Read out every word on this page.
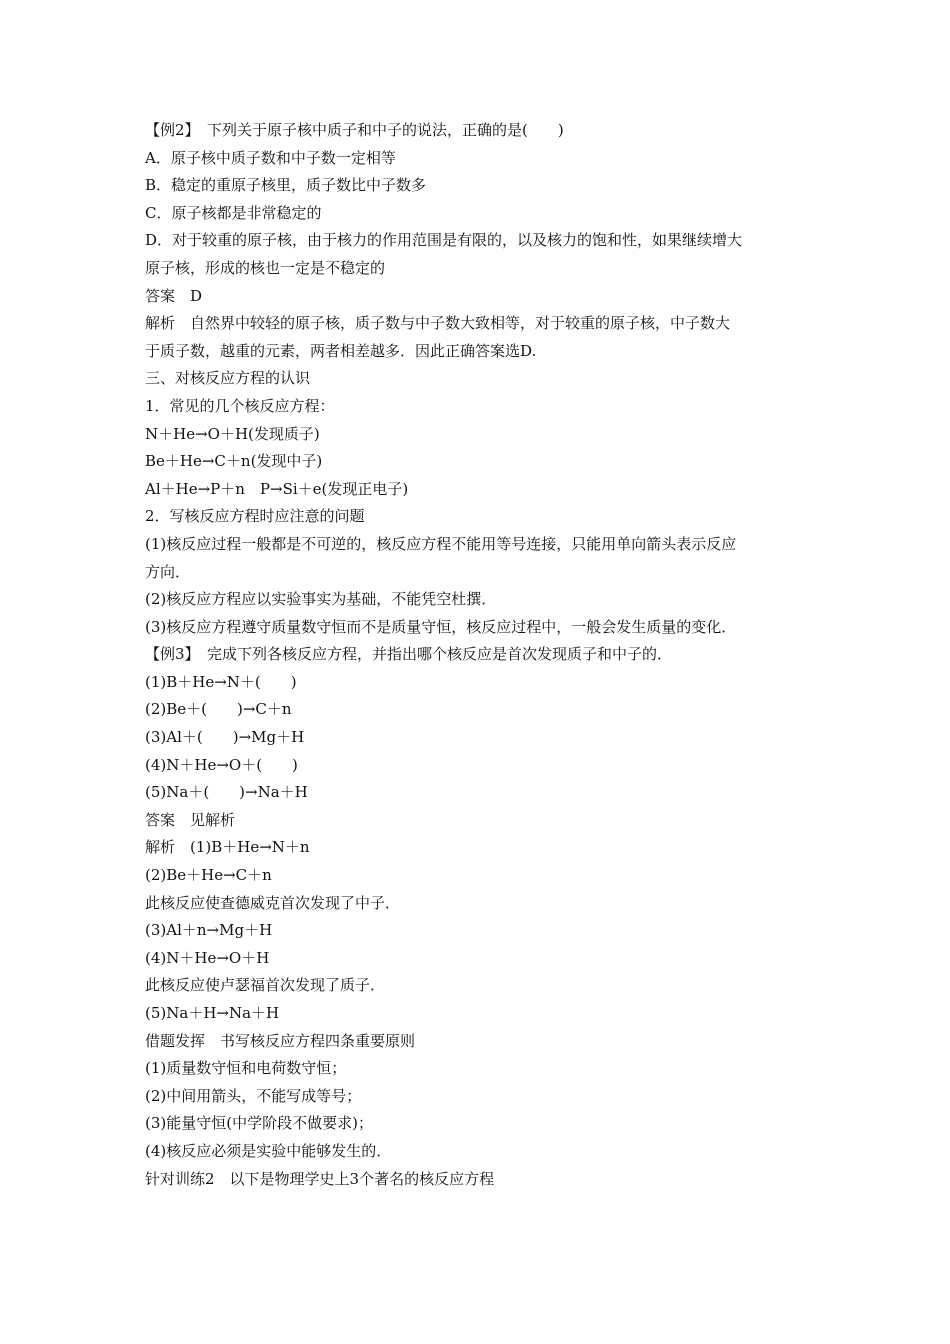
【例2】　下列关于原子核中质子和中子的说法，正确的是(　　)
A．原子核中质子数和中子数一定相等
B．稳定的重原子核里，质子数比中子数多
C．原子核都是非常稳定的
D．对于较重的原子核，由于核力的作用范围是有限的，以及核力的饱和性，如果继续增大
原子核，形成的核也一定是不稳定的
答案　D
解析　自然界中较轻的原子核，质子数与中子数大致相等，对于较重的原子核，中子数大
于质子数，越重的元素，两者相差越多．因此正确答案选D.
三、对核反应方程的认识
1．常见的几个核反应方程：
N＋He→O＋H(发现质子)
Be＋He→C＋n(发现中子)
Al＋He→P＋n　P→Si＋e(发现正电子)
2．写核反应方程时应注意的问题
(1)核反应过程一般都是不可逆的，核反应方程不能用等号连接，只能用单向箭头表示反应
方向．
(2)核反应方程应以实验事实为基础，不能凭空杜撰．
(3)核反应方程遵守质量数守恒而不是质量守恒，核反应过程中，一般会发生质量的变化．
【例3】　完成下列各核反应方程，并指出哪个核反应是首次发现质子和中子的．
(1)B＋He→N＋(　　)
(2)Be＋(　　)→C＋n
(3)Al＋(　　)→Mg＋H
(4)N＋He→O＋(　　)
(5)Na＋(　　)→Na＋H
答案　见解析
解析　(1)B＋He→N＋n
(2)Be＋He→C＋n
此核反应使查德威克首次发现了中子．
(3)Al＋n→Mg＋H
(4)N＋He→O＋H
此核反应使卢瑟福首次发现了质子．
(5)Na＋H→Na＋H
借题发挥　书写核反应方程四条重要原则
(1)质量数守恒和电荷数守恒；
(2)中间用箭头，不能写成等号；
(3)能量守恒(中学阶段不做要求)；
(4)核反应必须是实验中能够发生的．
针对训练2　以下是物理学史上3个著名的核反应方程
